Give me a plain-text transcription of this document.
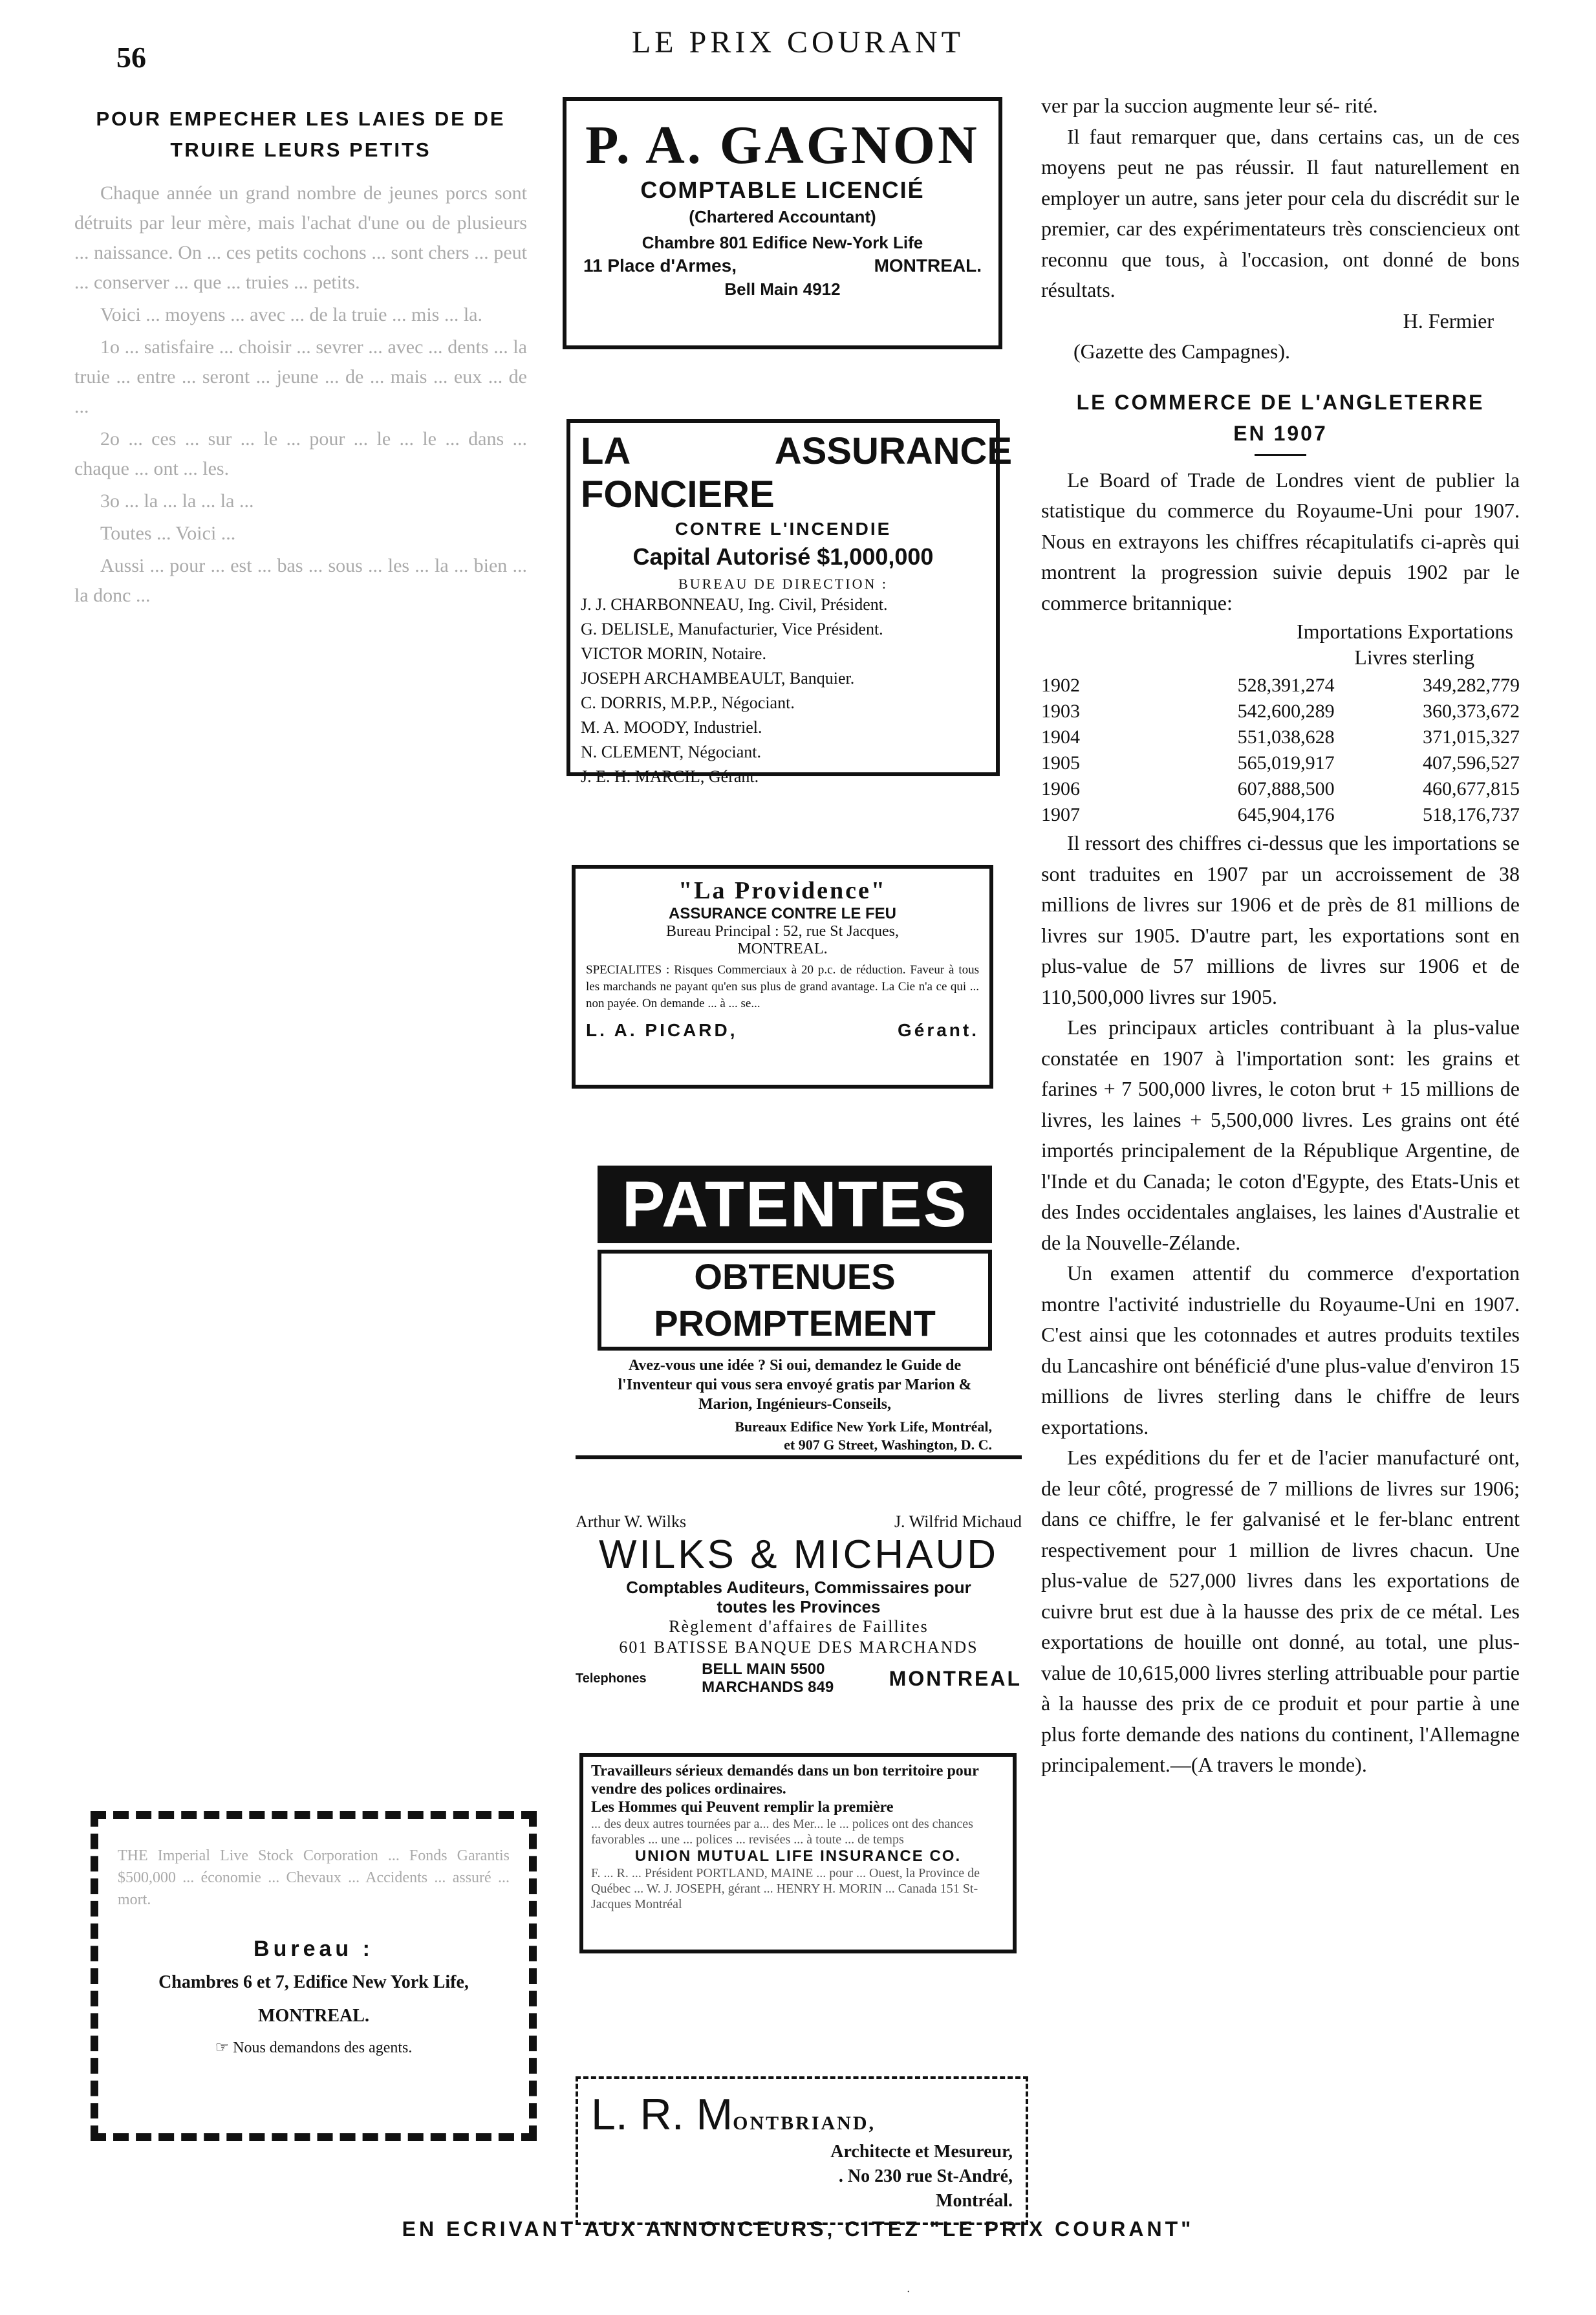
56	LE PRIX COURANT
POUR EMPECHER LES LAIES DE DE
TRUIRE LEURS PETITS

Chaque année un grand nombre de jeunes porcs sont détruits par leur mère, mais l'achat d'une ou de plusieurs ... naissance. On ... ces petits cochons ... sont chers ... peut ... conserver ... que ... truies ... petits.

Voici ... moyens ... avec ... de la truie ... mis ... la.

1o ... satisfaire ... choisir ... sevrer ... avec ... dents ... la truie ... entre ... seront ... jeune ... de ... mais ... eux ... de ...

2o ... ces ... sur ... le ... pour ... le ... le ... dans ... chaque ... ont ... les.

3o ... la ... la ... la ...

Toutes ... Voici ...

Aussi ... pour ... est ... bas ... sous ... les ... la ... bien ... la donc ...

THE Imperial Live Stock Corporation ... Fonds Garantis $500,000 ... économie ... Chevaux ... Accidents ... assuré ... mort.
Bureau :
Chambres 6 et 7, Edifice New York Life,
MONTREAL.
☞ Nous demandons des agents.
P. A. GAGNON
COMPTABLE LICENCIÉ
(Chartered Accountant)
Chambre 801 Edifice New-York Life
11 Place d'Armes,	MONTREAL.
Bell Main 4912
LA FONCIERE
ASSURANCE
CONTRE L'INCENDIE
Capital Autorisé $1,000,000
BUREAU DE DIRECTION :
J. J. CHARBONNEAU, Ing. Civil, Président.
G. DELISLE, Manufacturier, Vice Président.
VICTOR MORIN, Notaire.
JOSEPH ARCHAMBEAULT, Banquier.
C. DORRIS, M.P.P., Négociant.
M. A. MOODY, Industriel.
N. CLEMENT, Négociant.
J. E. H. MARCIL, Gérant.
"La Providence"
ASSURANCE CONTRE LE FEU
Bureau Principal : 52, rue St Jacques,
MONTREAL.
SPECIALITES : Risques Commerciaux à 20 p.c. de réduction. Faveur à tous les marchands ne payant qu'en sus plus de grand avantage. La Cie n'a ce qui ... non payée. On demande ... à ... se...
L. A. PICARD,	Gérant.
PATENTES
OBTENUES PROMPTEMENT
Avez-vous une idée ? Si oui, demandez le Guide de l'Inventeur qui vous sera envoyé gratis par Marion & Marion, Ingénieurs-Conseils,
Bureaux Edifice New York Life, Montréal,
et 907 G Street, Washington, D. C.
Arthur W. Wilks	J. Wilfrid Michaud
WILKS & MICHAUD
Comptables Auditeurs, Commissaires pour
toutes les Provinces
Règlement d'affaires de Faillites
601 BATISSE BANQUE DES MARCHANDS
Telephones
BELL MAIN 5500
MARCHANDS 849	MONTREAL
Travailleurs sérieux demandés dans un bon territoire pour vendre des polices ordinaires.
Les Hommes qui Peuvent remplir la première
... des deux autres tournées par a... des Mer... le ... polices ont des chances favorables ... une ... polices ... revisées ... à toute ... de temps
UNION MUTUAL LIFE INSURANCE CO.
F. ... R. ... Président PORTLAND, MAINE ... pour ... Ouest, la Province de Québec ... W. J. JOSEPH, gérant ... HENRY H. MORIN ... Canada 151 St-Jacques Montréal
L. R. MONTBRIAND,
Architecte et Mesureur,
. No 230 rue St-André,
Montréal.

ver par la succion augmente leur sé- rité.

Il faut remarquer que, dans certains cas, un de ces moyens peut ne pas réussir. Il faut naturellement en employer un autre, sans jeter pour cela du discrédit sur le premier, car des expérimentateurs très consciencieux ont reconnu que tous, à l'occasion, ont donné de bons résultats.

H. Fermier

(Gazette des Campagnes).

LE COMMERCE DE L'ANGLETERRE
EN 1907

Le Board of Trade de Londres vient de publier la statistique du commerce du Royaume-Uni pour 1907. Nous en extrayons les chiffres récapitulatifs ci-après qui montrent la progression suivie depuis 1902 par le commerce britannique:

Importations Exportations
Livres sterling
1902	528,391,274	349,282,779
1903	542,600,289	360,373,672
1904	551,038,628	371,015,327
1905	565,019,917	407,596,527
1906	607,888,500	460,677,815
1907	645,904,176	518,176,737

Il ressort des chiffres ci-dessus que les importations se sont traduites en 1907 par un accroissement de 38 millions de livres sur 1906 et de près de 81 millions de livres sur 1905. D'autre part, les exportations sont en plus-value de 57 millions de livres sur 1906 et de 110,500,000 livres sur 1905.

Les principaux articles contribuant à la plus-value constatée en 1907 à l'importation sont: les grains et farines + 7 500,000 livres, le coton brut + 15 millions de livres, les laines + 5,500,000 livres. Les grains ont été importés principalement de la République Argentine, de l'Inde et du Canada; le coton d'Egypte, des Etats-Unis et des Indes occidentales anglaises, les laines d'Australie et de la Nouvelle-Zélande.

Un examen attentif du commerce d'exportation montre l'activité industrielle du Royaume-Uni en 1907. C'est ainsi que les cotonnades et autres produits textiles du Lancashire ont bénéficié d'une plus-value d'environ 15 millions de livres sterling dans le chiffre de leurs exportations.

Les expéditions du fer et de l'acier manufacturé ont, de leur côté, progressé de 7 millions de livres sur 1906; dans ce chiffre, le fer galvanisé et le fer-blanc entrent respectivement pour 1 million de livres chacun. Une plus-value de 527,000 livres dans les exportations de cuivre brut est due à la hausse des prix de ce métal. Les exportations de houille ont donné, au total, une plus-value de 10,615,000 livres sterling attribuable pour partie à la hausse des prix de ce produit et pour partie à une plus forte demande des nations du continent, l'Allemagne principalement.—(A travers le monde).

EN ECRIVANT AUX ANNONCEURS, CITEZ "LE PRIX COURANT"
·
